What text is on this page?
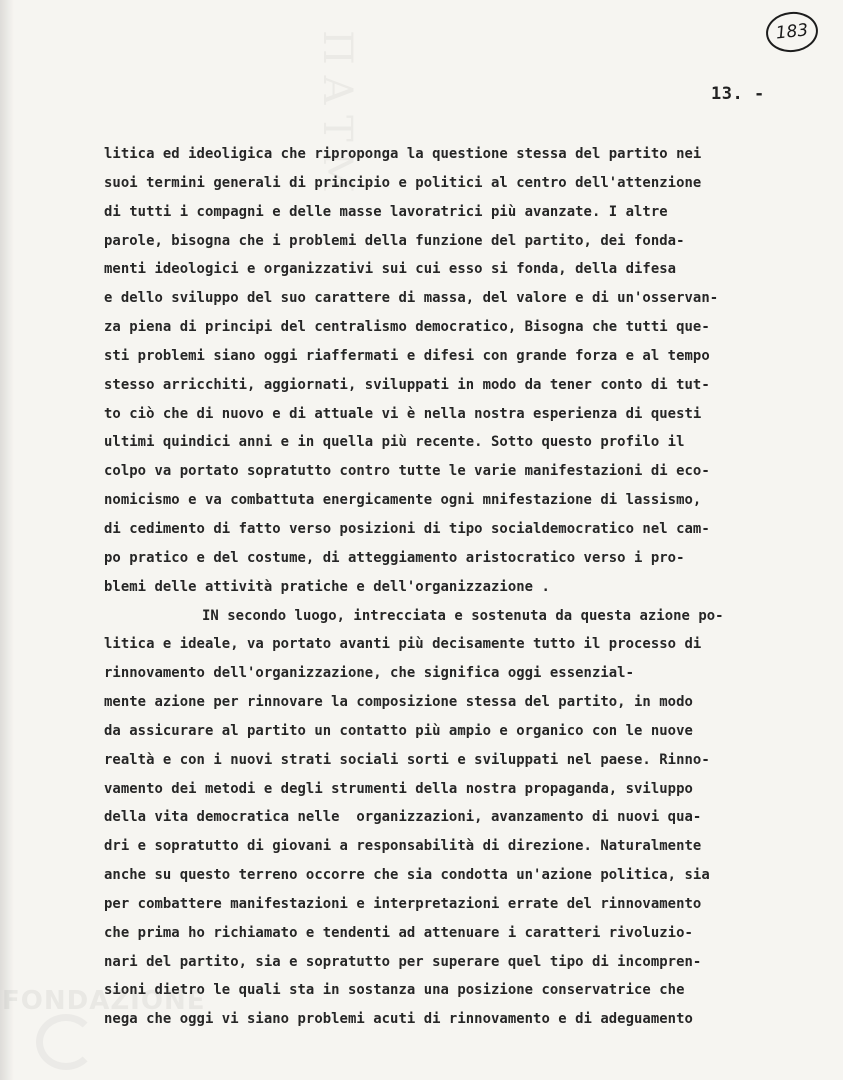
183
13. -
litica ed ideoligica che riproponga la questione stessa del partito nei
suoi termini generali di principio e politici al centro dell'attenzione
di tutti i compagni e delle masse lavoratrici più avanzate. I altre
parole, bisogna che i problemi della funzione del partito, dei fonda-
menti ideologici e organizzativi sui cui esso si fonda, della difesa
e dello sviluppo del suo carattere di massa, del valore e di un'osservan-
za piena di principi del centralismo democratico, Bisogna che tutti que-
sti problemi siano oggi riaffermati e difesi con grande forza e al tempo
stesso arricchiti, aggiornati, sviluppati in modo da tener conto di tut-
to ciò che di nuovo e di attuale vi è nella nostra esperienza di questi
ultimi quindici anni e in quella più recente. Sotto questo profilo il
colpo va portato sopratutto contro tutte le varie manifestazioni di eco-
nomicismo e va combattuta energicamente ogni mnifestazione di lassismo,
di cedimento di fatto verso posizioni di tipo socialdemocratico nel cam-
po pratico e del costume, di atteggiamento aristocratico verso i pro-
blemi delle attività pratiche e dell'organizzazione .
IN secondo luogo, intrecciata e sostenuta da questa azione po-
litica e ideale, va portato avanti più decisamente tutto il processo di
rinnovamento dell'organizzazione, che significa oggi essenzial-
mente azione per rinnovare la composizione stessa del partito, in modo
da assicurare al partito un contatto più ampio e organico con le nuove
realtà e con i nuovi strati sociali sorti e sviluppati nel paese. Rinno-
vamento dei metodi e degli strumenti della nostra propaganda, sviluppo
della vita democratica nelle  organizzazioni, avanzamento di nuovi qua-
dri e sopratutto di giovani a responsabilità di direzione. Naturalmente
anche su questo terreno occorre che sia condotta un'azione politica, sia
per combattere manifestazioni e interpretazioni errate del rinnovamento
che prima ho richiamato e tendenti ad attenuare i caratteri rivoluzio-
nari del partito, sia e sopratutto per superare quel tipo di incompren-
sioni dietro le quali sta in sostanza una posizione conservatrice che
nega che oggi vi siano problemi acuti di rinnovamento e di adeguamento
FONDAZIONE
